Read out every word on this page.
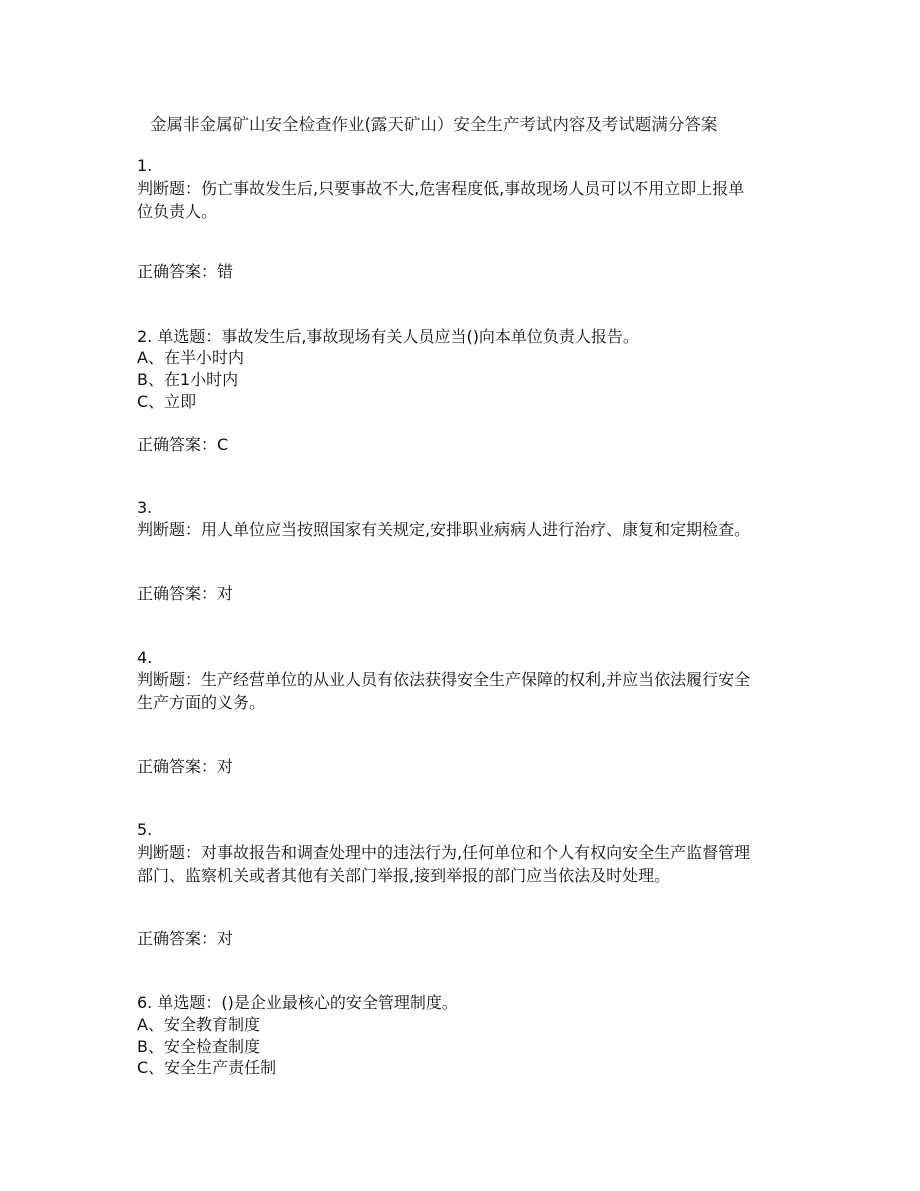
金属非金属矿山安全检查作业(露天矿山）安全生产考试内容及考试题满分答案
1.
判断题：伤亡事故发生后,只要事故不大,危害程度低,事故现场人员可以不用立即上报单
位负责人。
正确答案：错
2. 单选题：事故发生后,事故现场有关人员应当()向本单位负责人报告。
A、在半小时内
B、在1小时内
C、立即
正确答案：C
3.
判断题：用人单位应当按照国家有关规定,安排职业病病人进行治疗、康复和定期检查。
正确答案：对
4.
判断题：生产经营单位的从业人员有依法获得安全生产保障的权利,并应当依法履行安全
生产方面的义务。
正确答案：对
5.
判断题：对事故报告和调查处理中的违法行为,任何单位和个人有权向安全生产监督管理
部门、监察机关或者其他有关部门举报,接到举报的部门应当依法及时处理。
正确答案：对
6. 单选题：()是企业最核心的安全管理制度。
A、安全教育制度
B、安全检查制度
C、安全生产责任制
